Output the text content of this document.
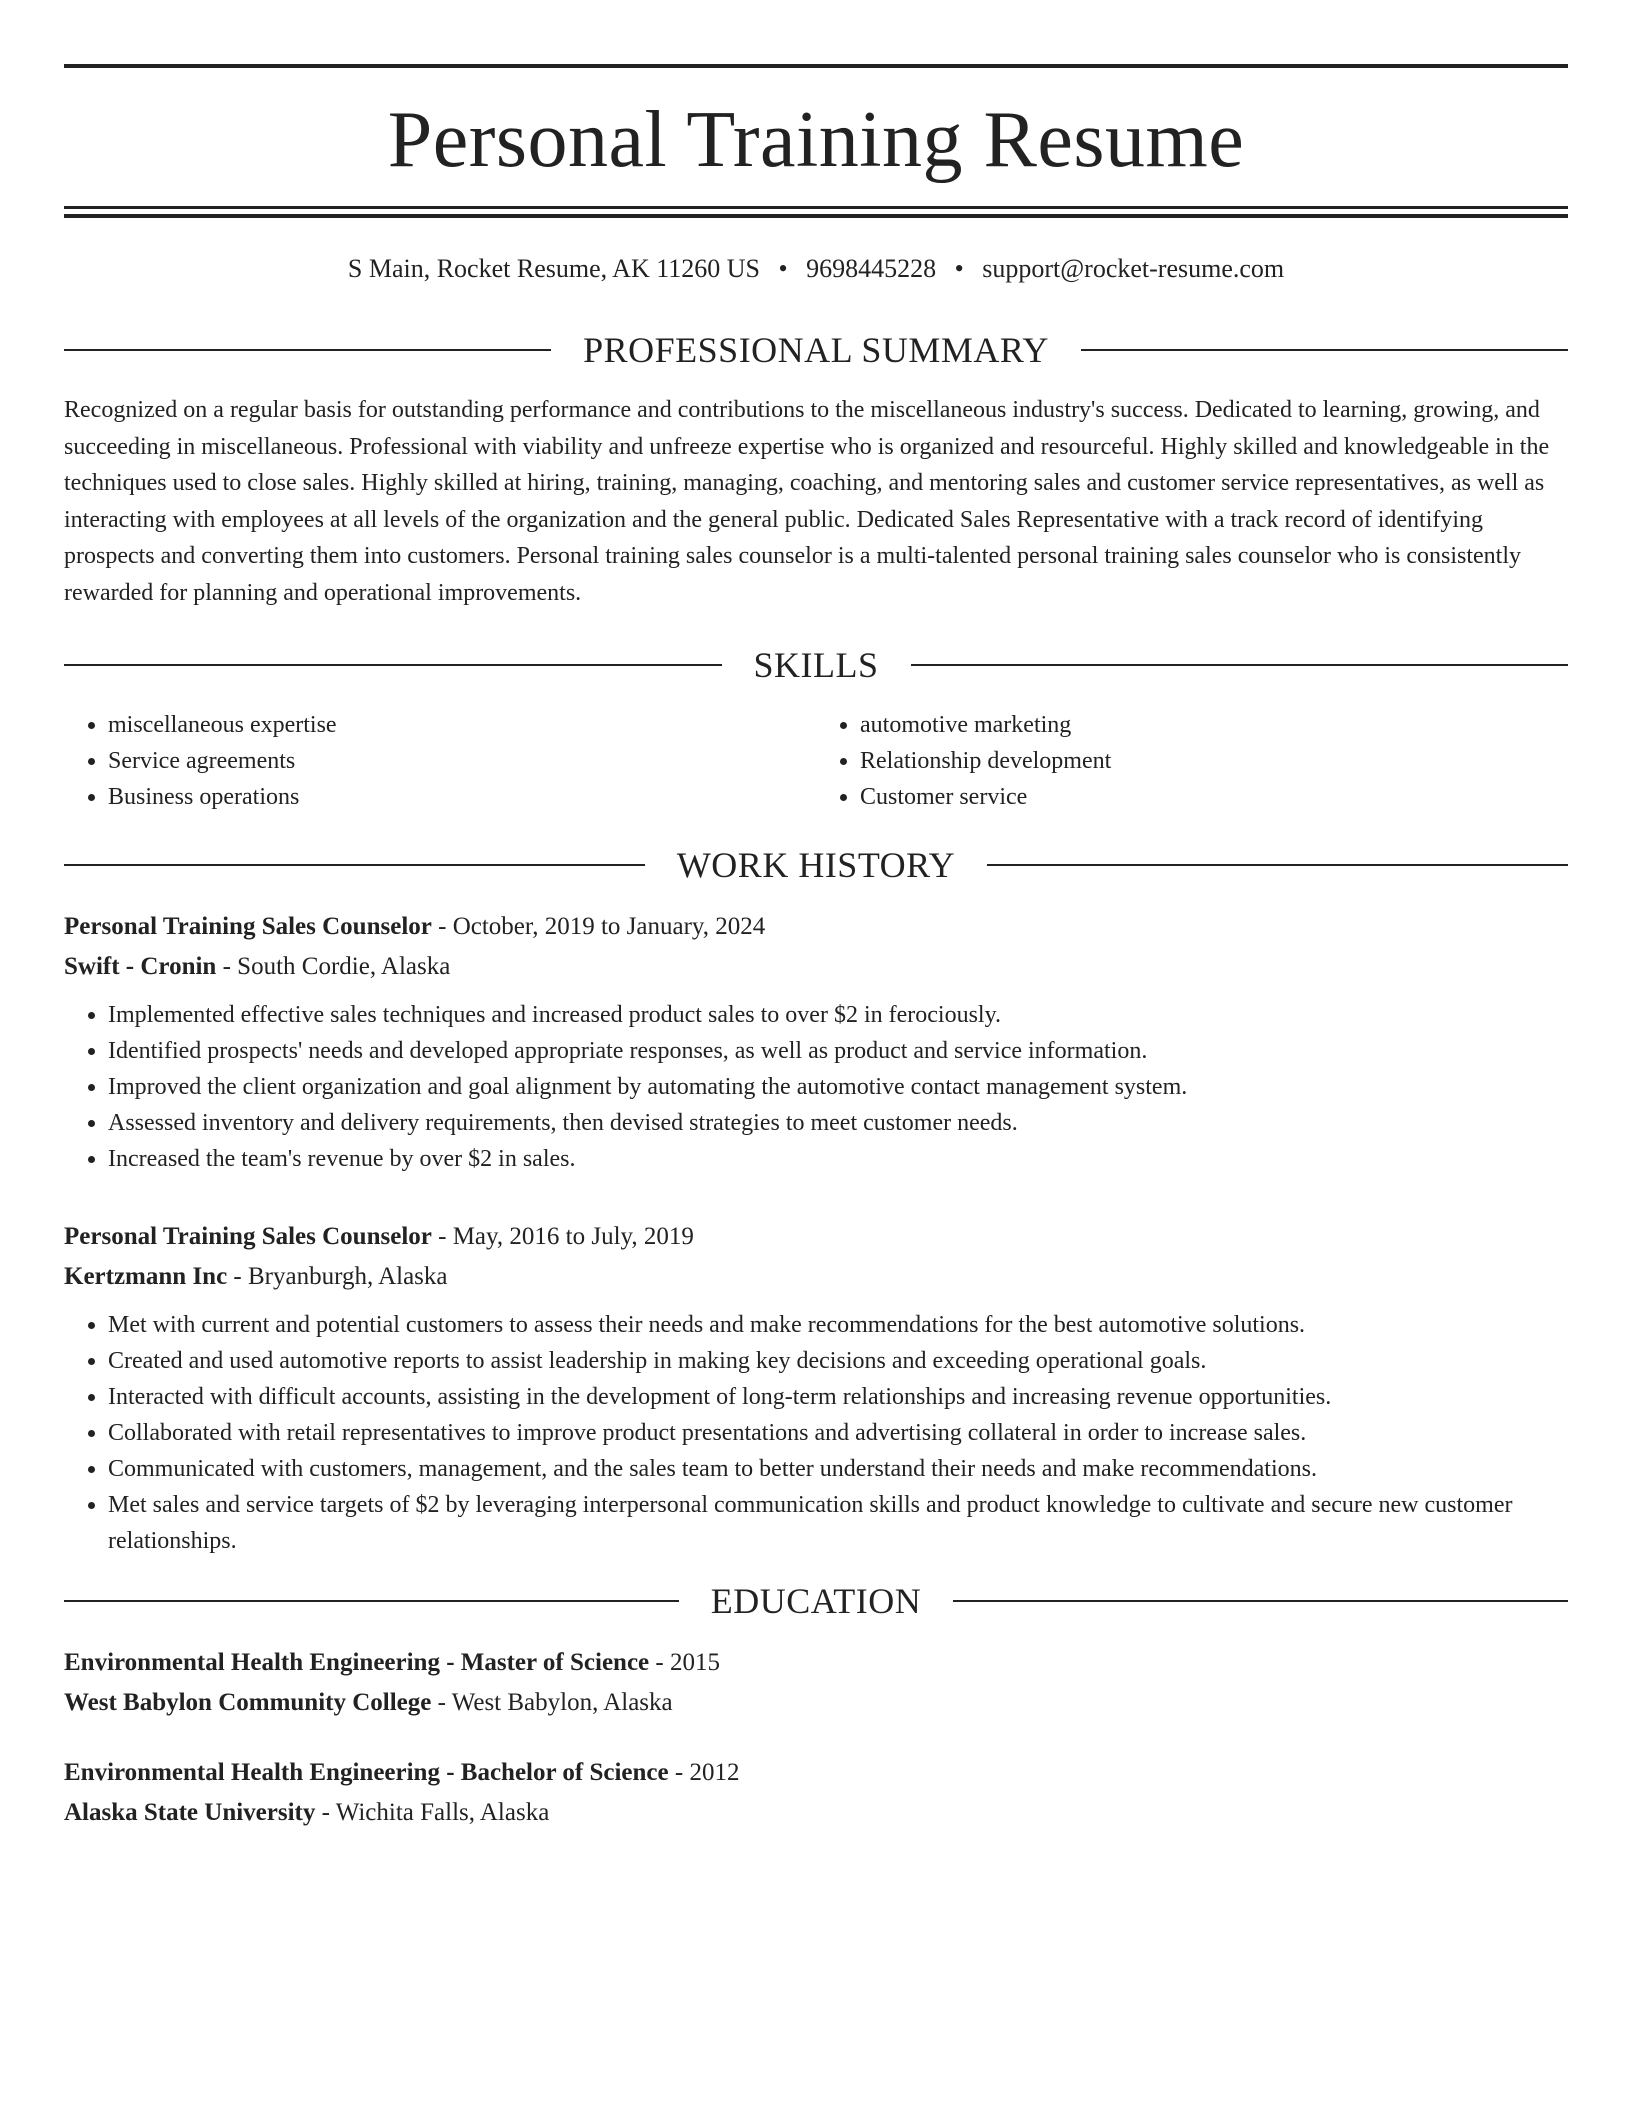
Personal Training Resume
S Main, Rocket Resume, AK 11260 US • 9698445228 • support@rocket-resume.com
PROFESSIONAL SUMMARY
Recognized on a regular basis for outstanding performance and contributions to the miscellaneous industry's success. Dedicated to learning, growing, and succeeding in miscellaneous. Professional with viability and unfreeze expertise who is organized and resourceful. Highly skilled and knowledgeable in the techniques used to close sales. Highly skilled at hiring, training, managing, coaching, and mentoring sales and customer service representatives, as well as interacting with employees at all levels of the organization and the general public. Dedicated Sales Representative with a track record of identifying prospects and converting them into customers. Personal training sales counselor is a multi-talented personal training sales counselor who is consistently rewarded for planning and operational improvements.
SKILLS
• miscellaneous expertise
• Service agreements
• Business operations
• automotive marketing
• Relationship development
• Customer service
WORK HISTORY
Personal Training Sales Counselor - October, 2019 to January, 2024
Swift - Cronin - South Cordie, Alaska
• Implemented effective sales techniques and increased product sales to over $2 in ferociously.
• Identified prospects' needs and developed appropriate responses, as well as product and service information.
• Improved the client organization and goal alignment by automating the automotive contact management system.
• Assessed inventory and delivery requirements, then devised strategies to meet customer needs.
• Increased the team's revenue by over $2 in sales.
Personal Training Sales Counselor - May, 2016 to July, 2019
Kertzmann Inc - Bryanburgh, Alaska
• Met with current and potential customers to assess their needs and make recommendations for the best automotive solutions.
• Created and used automotive reports to assist leadership in making key decisions and exceeding operational goals.
• Interacted with difficult accounts, assisting in the development of long-term relationships and increasing revenue opportunities.
• Collaborated with retail representatives to improve product presentations and advertising collateral in order to increase sales.
• Communicated with customers, management, and the sales team to better understand their needs and make recommendations.
• Met sales and service targets of $2 by leveraging interpersonal communication skills and product knowledge to cultivate and secure new customer relationships.
EDUCATION
Environmental Health Engineering - Master of Science - 2015
West Babylon Community College - West Babylon, Alaska
Environmental Health Engineering - Bachelor of Science - 2012
Alaska State University - Wichita Falls, Alaska
